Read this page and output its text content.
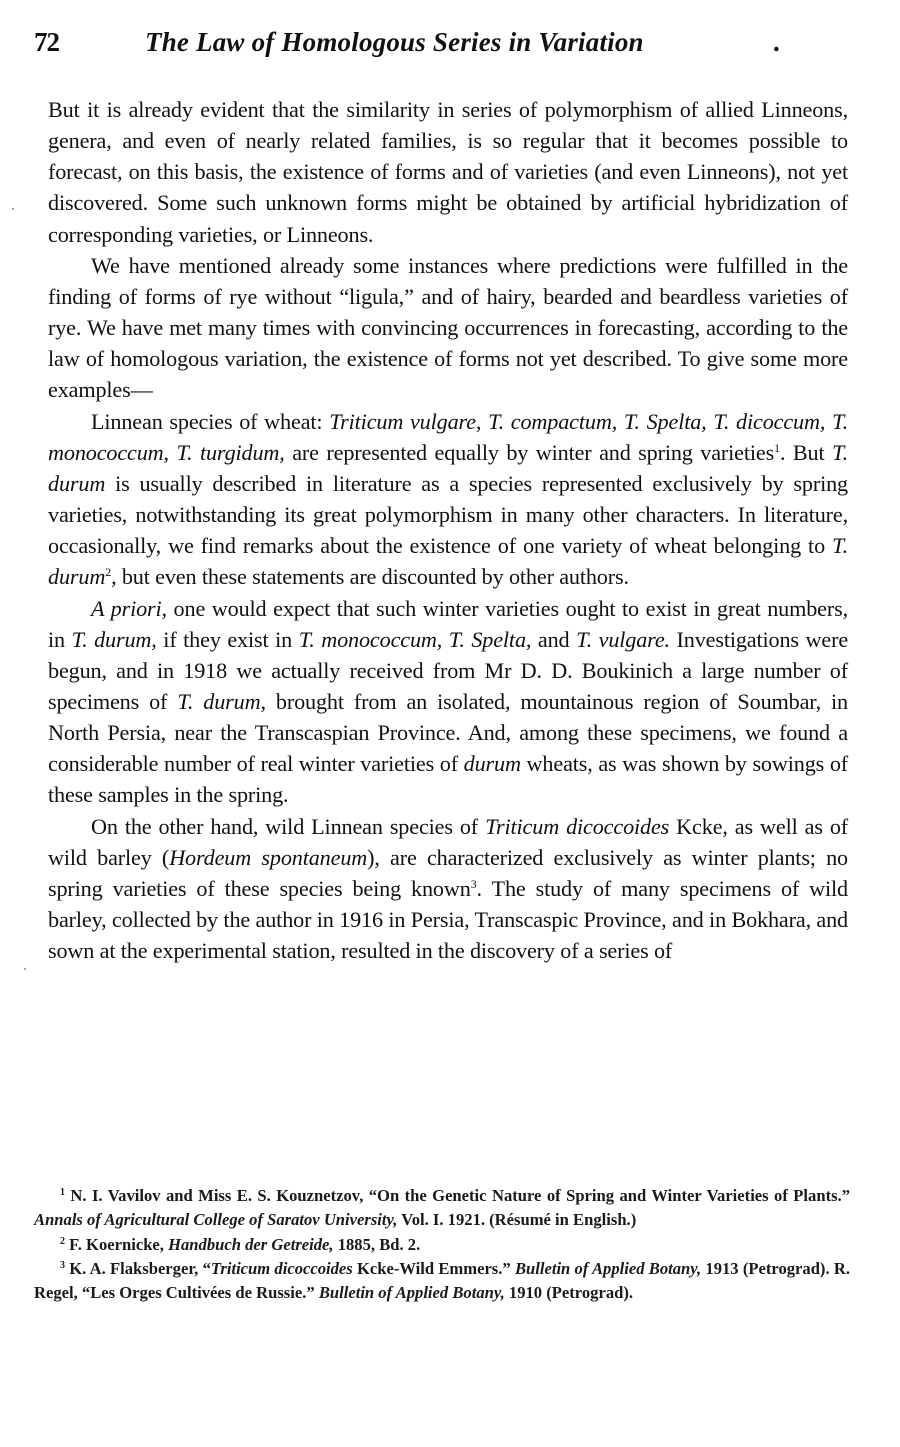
72	The Law of Homologous Series in Variation	.

But it is already evident that the similarity in series of polymorphism of allied Linneons, genera, and even of nearly related families, is so regular that it becomes possible to forecast, on this basis, the existence of forms and of varieties (and even Linneons), not yet discovered. Some such unknown forms might be obtained by artificial hybridization of corresponding varieties, or Linneons.

We have mentioned already some instances where predictions were fulfilled in the finding of forms of rye without “ligula,” and of hairy, bearded and beardless varieties of rye. We have met many times with convincing occurrences in forecasting, according to the law of homologous variation, the existence of forms not yet described. To give some more examples—

Linnean species of wheat: Triticum vulgare, T. compactum, T. Spelta, T. dicoccum, T. monococcum, T. turgidum, are represented equally by winter and spring varieties$^1$. But T. durum is usually described in literature as a species represented exclusively by spring varieties, notwithstanding its great polymorphism in many other characters. In literature, occasionally, we find remarks about the existence of one variety of wheat belonging to T. durum$^2$, but even these statements are discounted by other authors.

A priori, one would expect that such winter varieties ought to exist in great numbers, in T. durum, if they exist in T. monococcum, T. Spelta, and T. vulgare. Investigations were begun, and in 1918 we actually received from Mr D. D. Boukinich a large number of specimens of T. durum, brought from an isolated, mountainous region of Soumbar, in North Persia, near the Transcaspian Province. And, among these specimens, we found a considerable number of real winter varieties of durum wheats, as was shown by sowings of these samples in the spring.

On the other hand, wild Linnean species of Triticum dicoccoides Kcke, as well as of wild barley (Hordeum spontaneum), are characterized exclusively as winter plants; no spring varieties of these species being known$^3$. The study of many specimens of wild barley, collected by the author in 1916 in Persia, Transcaspic Province, and in Bokhara, and sown at the experimental station, resulted in the discovery of a series of

$^1$ N. I. Vavilov and Miss E. S. Kouznetzov, “On the Genetic Nature of Spring and Winter Varieties of Plants.” Annals of Agricultural College of Saratov University, Vol. I. 1921. (Résumé in English.)

$^2$ F. Koernicke, Handbuch der Getreide, 1885, Bd. 2.

$^3$ K. A. Flaksberger, “Triticum dicoccoides Kcke-Wild Emmers.” Bulletin of Applied Botany, 1913 (Petrograd). R. Regel, “Les Orges Cultivées de Russie.” Bulletin of Applied Botany, 1910 (Petrograd).
